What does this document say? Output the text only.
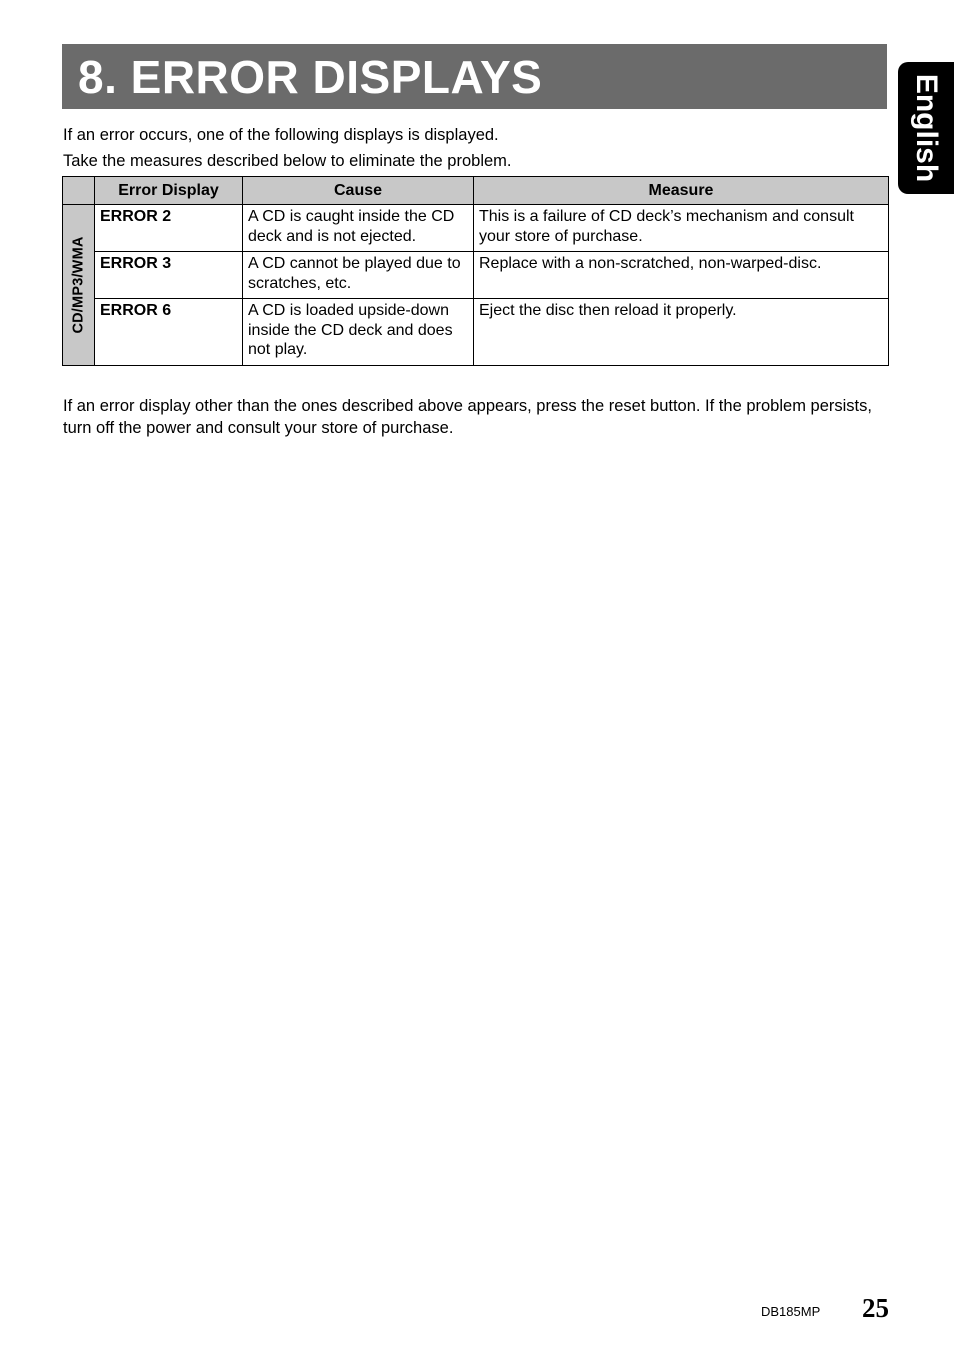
8. ERROR DISPLAYS	English
If an error occurs, one of the following displays is displayed.
Take the measures described below to eliminate the problem.
	Error Display	Cause	Measure

CD/MP3/WMA	ERROR 2	A CD is caught inside the CD deck and is not ejected.	This is a failure of CD deck’s mechanism and consult your store of purchase.
	ERROR 3	A CD cannot be played due to scratches, etc.	Replace with a non-scratched, non-warped-disc.
	ERROR 6	A CD is loaded upside-down inside the CD deck and does not play.	Eject the disc then reload it properly.
If an error display other than the ones described above appears, press the reset button. If the problem persists, turn off the power and consult your store of purchase.
DB185MP 25
